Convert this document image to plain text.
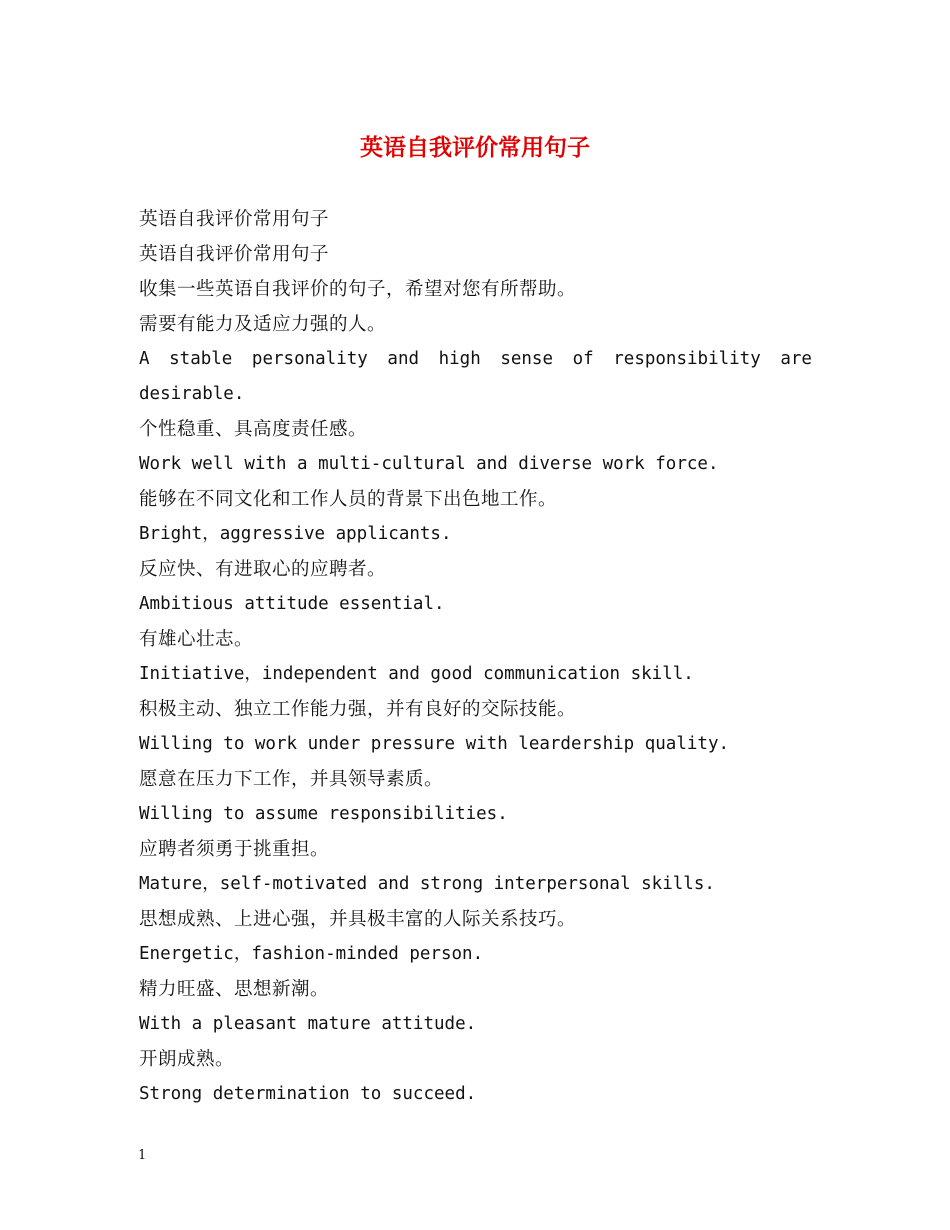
英语自我评价常用句子
英语自我评价常用句子
英语自我评价常用句子
收集一些英语自我评价的句子，希望对您有所帮助。
需要有能力及适应力强的人。
A stable personality and high sense of responsibility are
desirable.
个性稳重、具高度责任感。
Work well with a multi-cultural and diverse work force.
能够在不同文化和工作人员的背景下出色地工作。
Bright，aggressive applicants.
反应快、有进取心的应聘者。
Ambitious attitude essential.
有雄心壮志。
Initiative，independent and good communication skill.
积极主动、独立工作能力强，并有良好的交际技能。
Willing to work under pressure with leardership quality.
愿意在压力下工作，并具领导素质。
Willing to assume responsibilities.
应聘者须勇于挑重担。
Mature，self-motivated and strong interpersonal skills.
思想成熟、上进心强，并具极丰富的人际关系技巧。
Energetic，fashion-minded person.
精力旺盛、思想新潮。
With a pleasant mature attitude.
开朗成熟。
Strong determination to succeed.
1
